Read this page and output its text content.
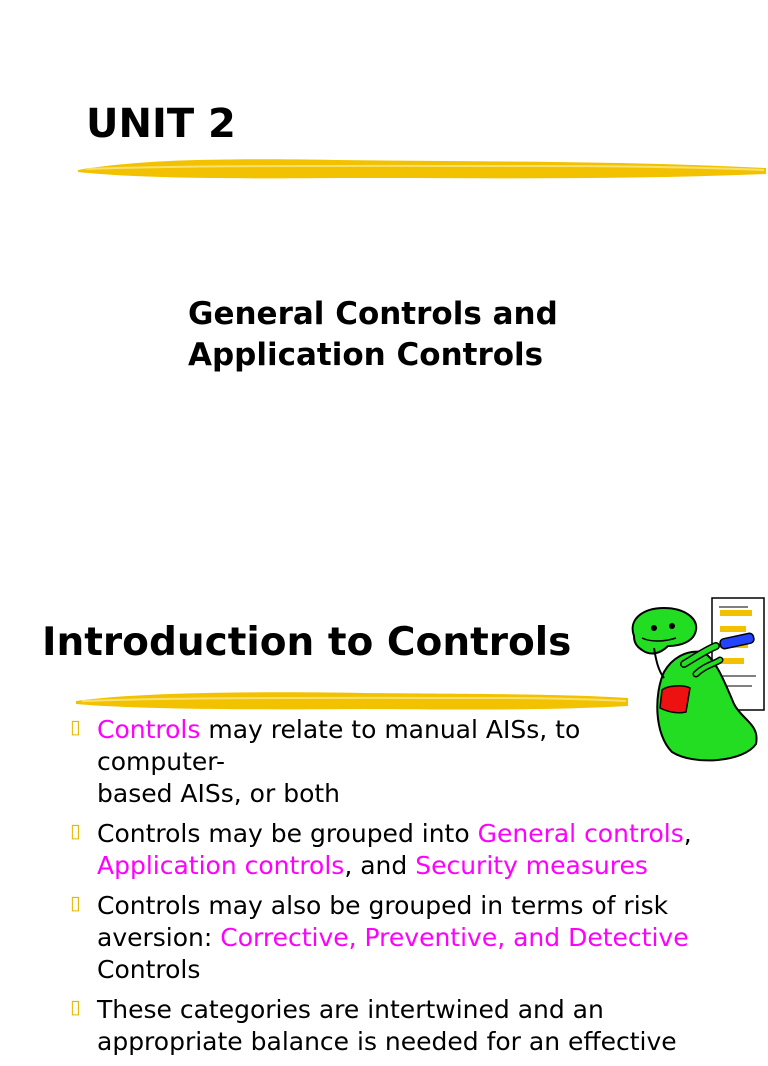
UNIT 2
General Controls and
Application Controls
Introduction to Controls
▯ Controls may relate to manual AISs, to computer-
based AISs, or both
▯ Controls may be grouped into General controls,
Application controls, and Security measures
▯ Controls may also be grouped in terms of risk
aversion: Corrective, Preventive, and Detective
Controls
▯ These categories are intertwined and an
appropriate balance is needed for an effective
